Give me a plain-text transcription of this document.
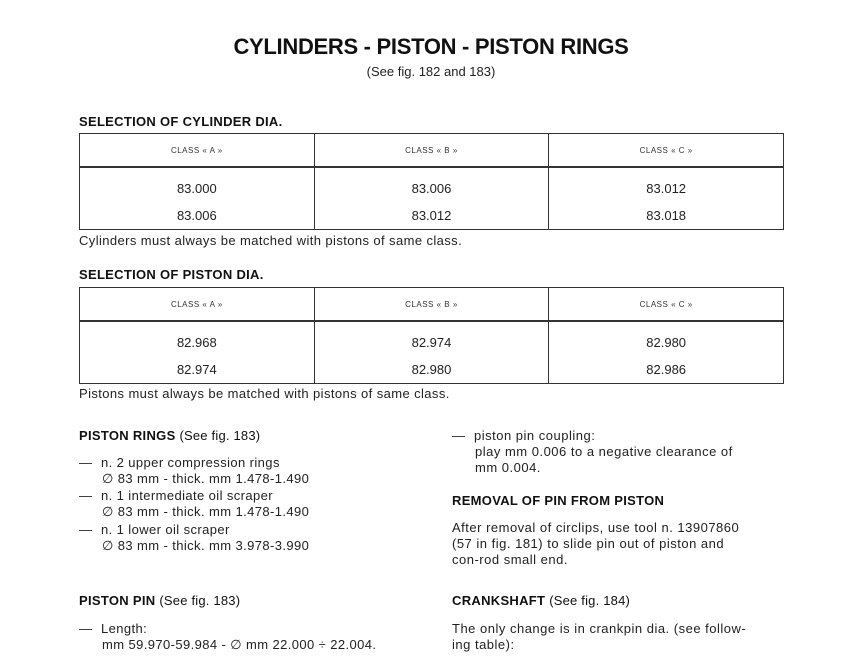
CYLINDERS - PISTON - PISTON RINGS
(See fig. 182 and 183)
SELECTION OF CYLINDER DIA.
CLASS « A »	CLASS « B »	CLASS « C »
83.000	83.006	83.012
83.006	83.012	83.018
Cylinders must always be matched with pistons of same class.
SELECTION OF PISTON DIA.
CLASS « A »	CLASS « B »	CLASS « C »
82.968	82.974	82.980
82.974	82.980	82.986
Pistons must always be matched with pistons of same class.
PISTON RINGS (See fig. 183)
— n. 2 upper compression rings
∅ 83 mm - thick. mm 1.478-1.490
— n. 1 intermediate oil scraper
∅ 83 mm - thick. mm 1.478-1.490
— n. 1 lower oil scraper
∅ 83 mm - thick. mm 3.978-3.990
PISTON PIN (See fig. 183)
— Length:
mm 59.970-59.984 - ∅ mm 22.000 ÷ 22.004.
— piston pin coupling:
play mm 0.006 to a negative clearance of
mm 0.004.
REMOVAL OF PIN FROM PISTON
After removal of circlips, use tool n. 13907860
(57 in fig. 181) to slide pin out of piston and
con-rod small end.
CRANKSHAFT (See fig. 184)
The only change is in crankpin dia. (see follow-
ing table):
